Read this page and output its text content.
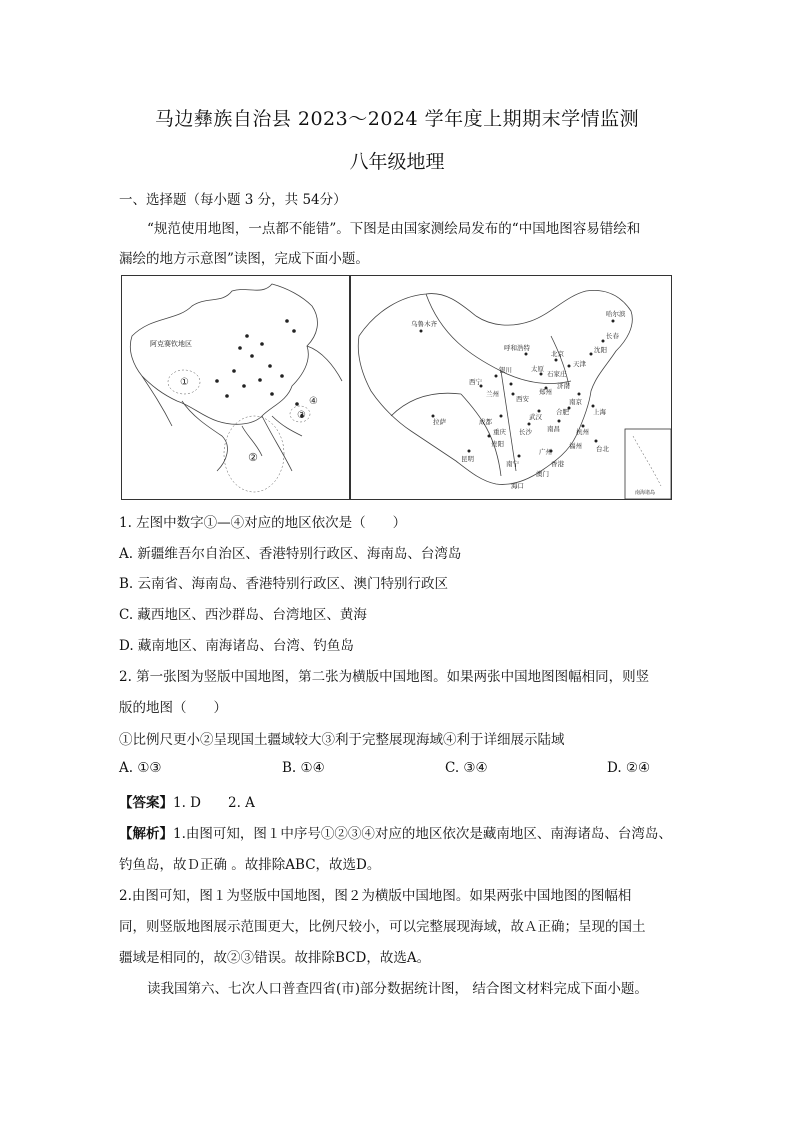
马边彝族自治县 2023～2024 学年度上期期末学情监测
八年级地理
一、选择题（每小题 3 分，共 54分）
“规范使用地图，一点都不能错”。下图是由国家测绘局发布的“中国地图容易错绘和
漏绘的地方示意图”读图，完成下面小题。
阿克赛钦地区
①
②
③
④
乌鲁木齐
哈尔滨
长春
沈阳
呼和浩特
北京
天津
银川	太原
石家庄
济南
西宁
兰州
西安
郑州
南京
上海
拉萨	成都
武汉
合肥
杭州
重庆 长沙 南昌
福州
贵阳
昆明
南宁
广州	台北
香港
澳门
海口
南海诸岛
1. 左图中数字①—④对应的地区依次是（　　）
A. 新疆维吾尔自治区、香港特别行政区、海南岛、台湾岛
B. 云南省、海南岛、香港特别行政区、澳门特别行政区
C. 藏西地区、西沙群岛、台湾地区、黄海
D. 藏南地区、南海诸岛、台湾、钓鱼岛
2. 第一张图为竖版中国地图，第二张为横版中国地图。如果两张中国地图图幅相同，则竖
版的地图（　　）
①比例尺更小②呈现国土疆域较大③利于完整展现海域④利于详细展示陆域
A. ①③	B. ①④	C. ③④	D. ②④
【答案】1. D　　2. A
【解析】1.由图可知，图１中序号①②③④对应的地区依次是藏南地区、南海诸岛、台湾岛、
钓鱼岛，故Ｄ正确 。故排除ABC，故选D。
2.由图可知，图１为竖版中国地图，图２为横版中国地图。如果两张中国地图的图幅相
同，则竖版地图展示范围更大，比例尺较小，可以完整展现海域，故Ａ正确；呈现的国土
疆域是相同的，故②③错误。故排除BCD，故选A。
读我国第六、七次人口普查四省(市)部分数据统计图， 结合图文材料完成下面小题。
